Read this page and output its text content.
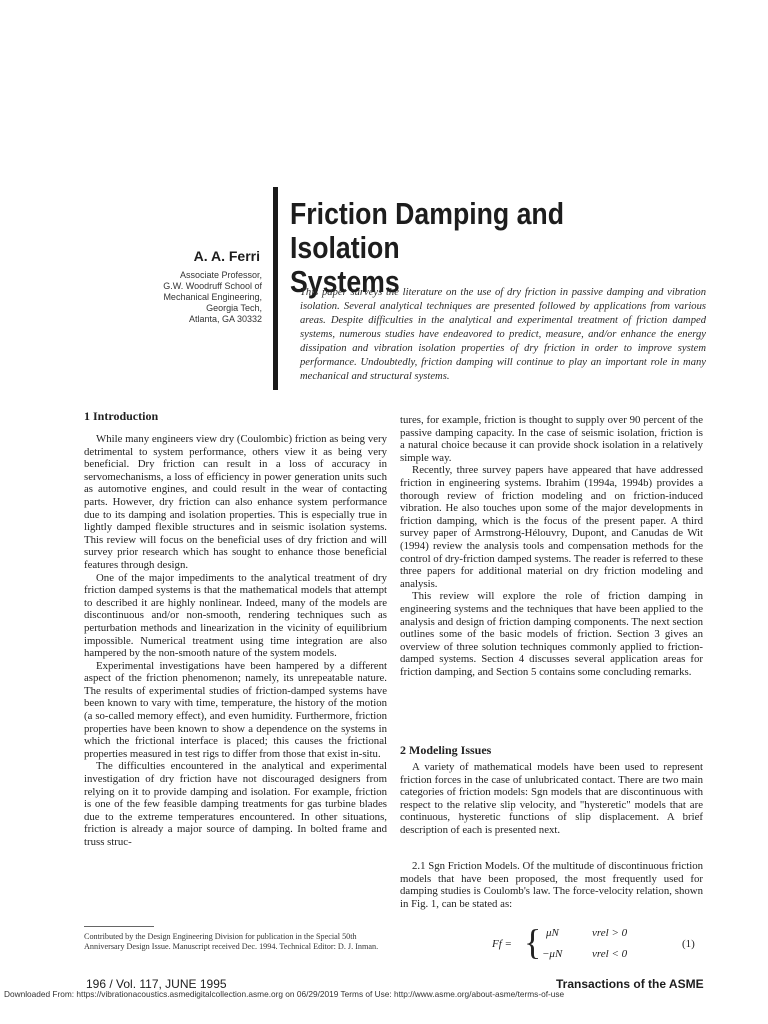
Friction Damping and Isolation
Systems
A. A. Ferri
Associate Professor,
G.W. Woodruff School of
Mechanical Engineering,
Georgia Tech,
Atlanta, GA 30332
This paper surveys the literature on the use of dry friction in passive damping and vibration isolation. Several analytical techniques are presented followed by applications from various areas. Despite difficulties in the analytical and experimental treatment of friction damped systems, numerous studies have endeavored to predict, measure, and/or enhance the energy dissipation and vibration isolation properties of dry friction in order to improve system performance. Undoubtedly, friction damping will continue to play an important role in many mechanical and structural systems.
1 Introduction

While many engineers view dry (Coulombic) friction as being very detrimental to system performance, others view it as being very beneficial. Dry friction can result in a loss of accuracy in servomechanisms, a loss of efficiency in power generation units such as automotive engines, and could result in the wear of contacting parts. However, dry friction can also enhance system performance due to its damping and isolation properties. This is especially true in lightly damped flexible structures and in seismic isolation systems. This review will focus on the beneficial uses of dry friction and will survey prior research which has sought to enhance those beneficial features through design.

One of the major impediments to the analytical treatment of dry friction damped systems is that the mathematical models that attempt to described it are highly nonlinear. Indeed, many of the models are discontinuous and/or non-smooth, rendering techniques such as perturbation methods and linearization in the vicinity of equilibrium impossible. Numerical treatment using time integration are also hampered by the non-smooth nature of the system models.

Experimental investigations have been hampered by a different aspect of the friction phenomenon; namely, its unrepeatable nature. The results of experimental studies of friction-damped systems have been known to vary with time, temperature, the history of the motion (a so-called memory effect), and even humidity. Furthermore, friction properties have been known to show a dependence on the systems in which the frictional interface is placed; this causes the frictional properties measured in test rigs to differ from those that exist in-situ.

The difficulties encountered in the analytical and experimental investigation of dry friction have not discouraged designers from relying on it to provide damping and isolation. For example, friction is one of the few feasible damping treatments for gas turbine blades due to the extreme temperatures encountered. In other situations, friction is already a major source of damping. In bolted frame and truss struc-

tures, for example, friction is thought to supply over 90 percent of the passive damping capacity. In the case of seismic isolation, friction is a natural choice because it can provide shock isolation in a relatively simple way.

Recently, three survey papers have appeared that have addressed friction in engineering systems. Ibrahim (1994a, 1994b) provides a thorough review of friction modeling and on friction-induced vibration. He also touches upon some of the major developments in friction damping, which is the focus of the present paper. A third survey paper of Armstrong-Hélouvry, Dupont, and Canudas de Wit (1994) review the analysis tools and compensation methods for the control of dry-friction damped systems. The reader is referred to these three papers for additional material on dry friction modeling and analysis.

This review will explore the role of friction damping in engineering systems and the techniques that have been applied to the analysis and design of friction damping components. The next section outlines some of the basic models of friction. Section 3 gives an overview of three solution techniques commonly applied to friction-damped systems. Section 4 discusses several application areas for friction damping, and Section 5 contains some concluding remarks.

2 Modeling Issues

A variety of mathematical models have been used to represent friction forces in the case of unlubricated contact. There are two main categories of friction models: Sgn models that are discontinuous with respect to the relative slip velocity, and "hysteretic" models that are continuous, hysteretic functions of slip displacement. A brief description of each is presented next.

2.1 Sgn Friction Models. Of the multitude of discontinuous friction models that have been proposed, the most frequently used for damping studies is Coulomb's law. The force-velocity relation, shown in Fig. 1, can be stated as:

Contributed by the Design Engineering Division for publication in the Special 50th Anniversary Design Issue. Manuscript received Dec. 1994. Technical Editor: D. J. Inman.	Ff = { μN	vrel > 0
−μN	vrel < 0
(1)
196 / Vol. 117, JUNE 1995	Transactions of the ASME
Downloaded From: https://vibrationacoustics.asmedigitalcollection.asme.org on 06/29/2019 Terms of Use: http://www.asme.org/about-asme/terms-of-use
